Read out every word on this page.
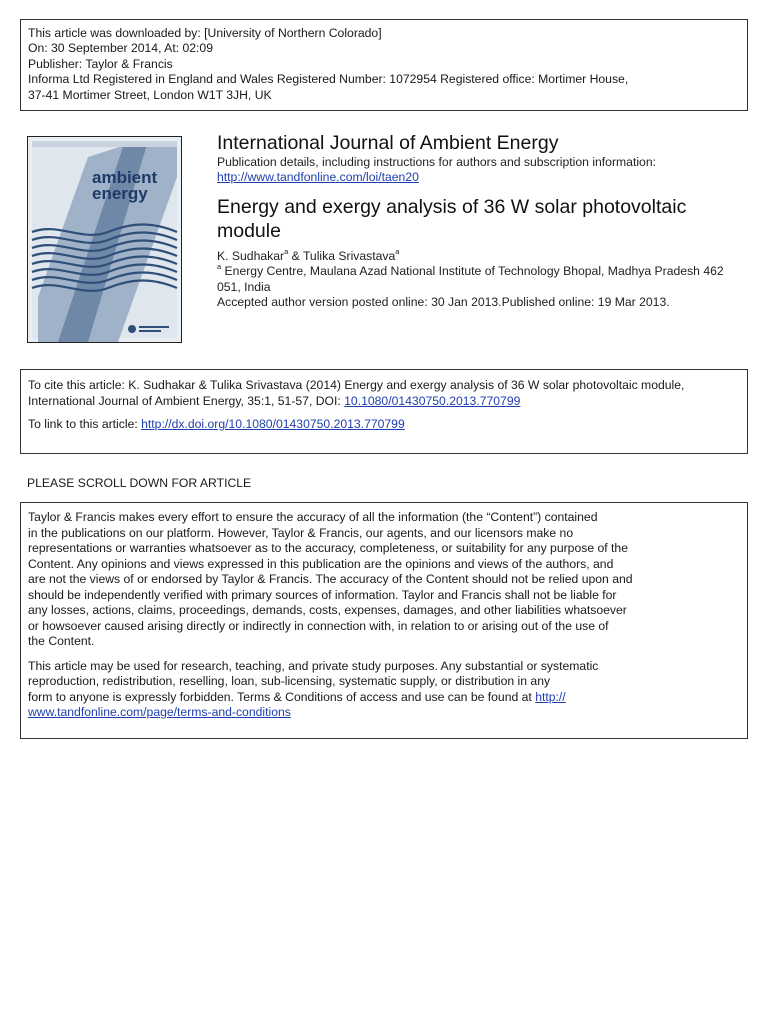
This article was downloaded by: [University of Northern Colorado]
On: 30 September 2014, At: 02:09
Publisher: Taylor & Francis
Informa Ltd Registered in England and Wales Registered Number: 1072954 Registered office: Mortimer House,
37-41 Mortimer Street, London W1T 3JH, UK
ambient
energy
International Journal of Ambient Energy
Publication details, including instructions for authors and subscription information:
http://www.tandfonline.com/loi/taen20
Energy and exergy analysis of 36 W solar photovoltaic
module
K. Sudhakar$^a$ & Tulika Srivastava$^a$
$^a$ Energy Centre, Maulana Azad National Institute of Technology Bhopal, Madhya Pradesh 462
051, India
Accepted author version posted online: 30 Jan 2013.Published online: 19 Mar 2013.

To cite this article: K. Sudhakar & Tulika Srivastava (2014) Energy and exergy analysis of 36 W solar photovoltaic module,

International Journal of Ambient Energy, 35:1, 51-57, DOI: 10.1080/01430750.2013.770799

To link to this article: http://dx.doi.org/10.1080/01430750.2013.770799

PLEASE SCROLL DOWN FOR ARTICLE

Taylor & Francis makes every effort to ensure the accuracy of all the information (the “Content”) contained
in the publications on our platform. However, Taylor & Francis, our agents, and our licensors make no
representations or warranties whatsoever as to the accuracy, completeness, or suitability for any purpose of the
Content. Any opinions and views expressed in this publication are the opinions and views of the authors, and
are not the views of or endorsed by Taylor & Francis. The accuracy of the Content should not be relied upon and
should be independently verified with primary sources of information. Taylor and Francis shall not be liable for
any losses, actions, claims, proceedings, demands, costs, expenses, damages, and other liabilities whatsoever
or howsoever caused arising directly or indirectly in connection with, in relation to or arising out of the use of
the Content.

This article may be used for research, teaching, and private study purposes. Any substantial or systematic
reproduction, redistribution, reselling, loan, sub-licensing, systematic supply, or distribution in any
form to anyone is expressly forbidden. Terms & Conditions of access and use can be found at http://
www.tandfonline.com/page/terms-and-conditions
